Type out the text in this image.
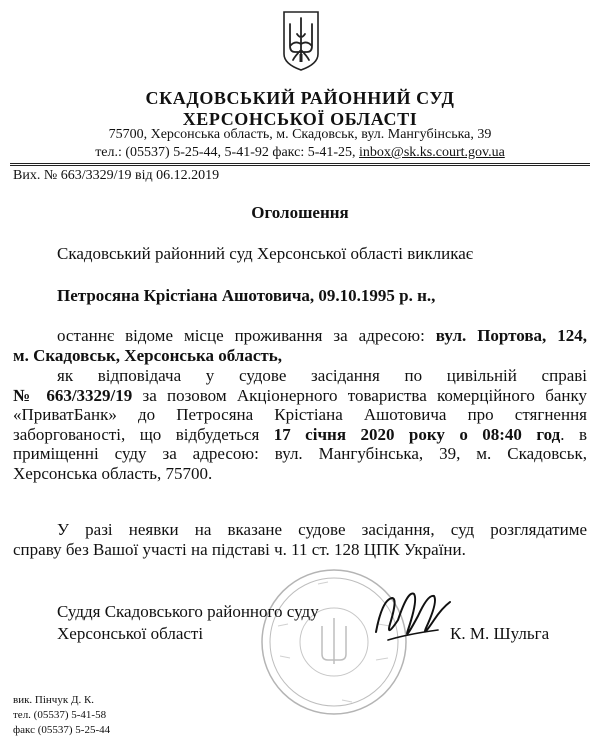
СКАДОВСЬКИЙ РАЙОННИЙ СУД
ХЕРСОНСЬКОЇ ОБЛАСТІ
75700, Херсонська область, м. Скадовськ, вул. Мангубінська, 39
тел.: (05537) 5-25-44, 5-41-92 факс: 5-41-25, inbox@sk.ks.court.gov.ua
Вих. № 663/3329/19 від 06.12.2019
Оголошення
Скадовський районний суд Херсонської області викликає
Петросяна Крістіана Ашотовича, 09.10.1995 р. н.,
останнє відоме місце проживання за адресою: вул. Портова, 124,
м. Скадовськ, Херсонська область,
як відповідача у судове засідання по цивільній справі
№ 663/3329/19 за позовом Акціонерного товариства комерційного банку
«ПриватБанк» до Петросяна Крістіана Ашотовича про стягнення
заборгованості, що відбудеться 17 січня 2020 року о 08:40 год. в
приміщенні суду за адресою: вул. Мангубінська, 39, м. Скадовськ,
Херсонська область, 75700.
У разі неявки на вказане судове засідання, суд розглядатиме
справу без Вашої участі на підставі ч. 11 ст. 128 ЦПК України.
Суддя Скадовського районного суду
Херсонської області	К. М. Шульга
вик. Пінчук Д. К.
тел. (05537) 5-41-58
факс (05537) 5-25-44
